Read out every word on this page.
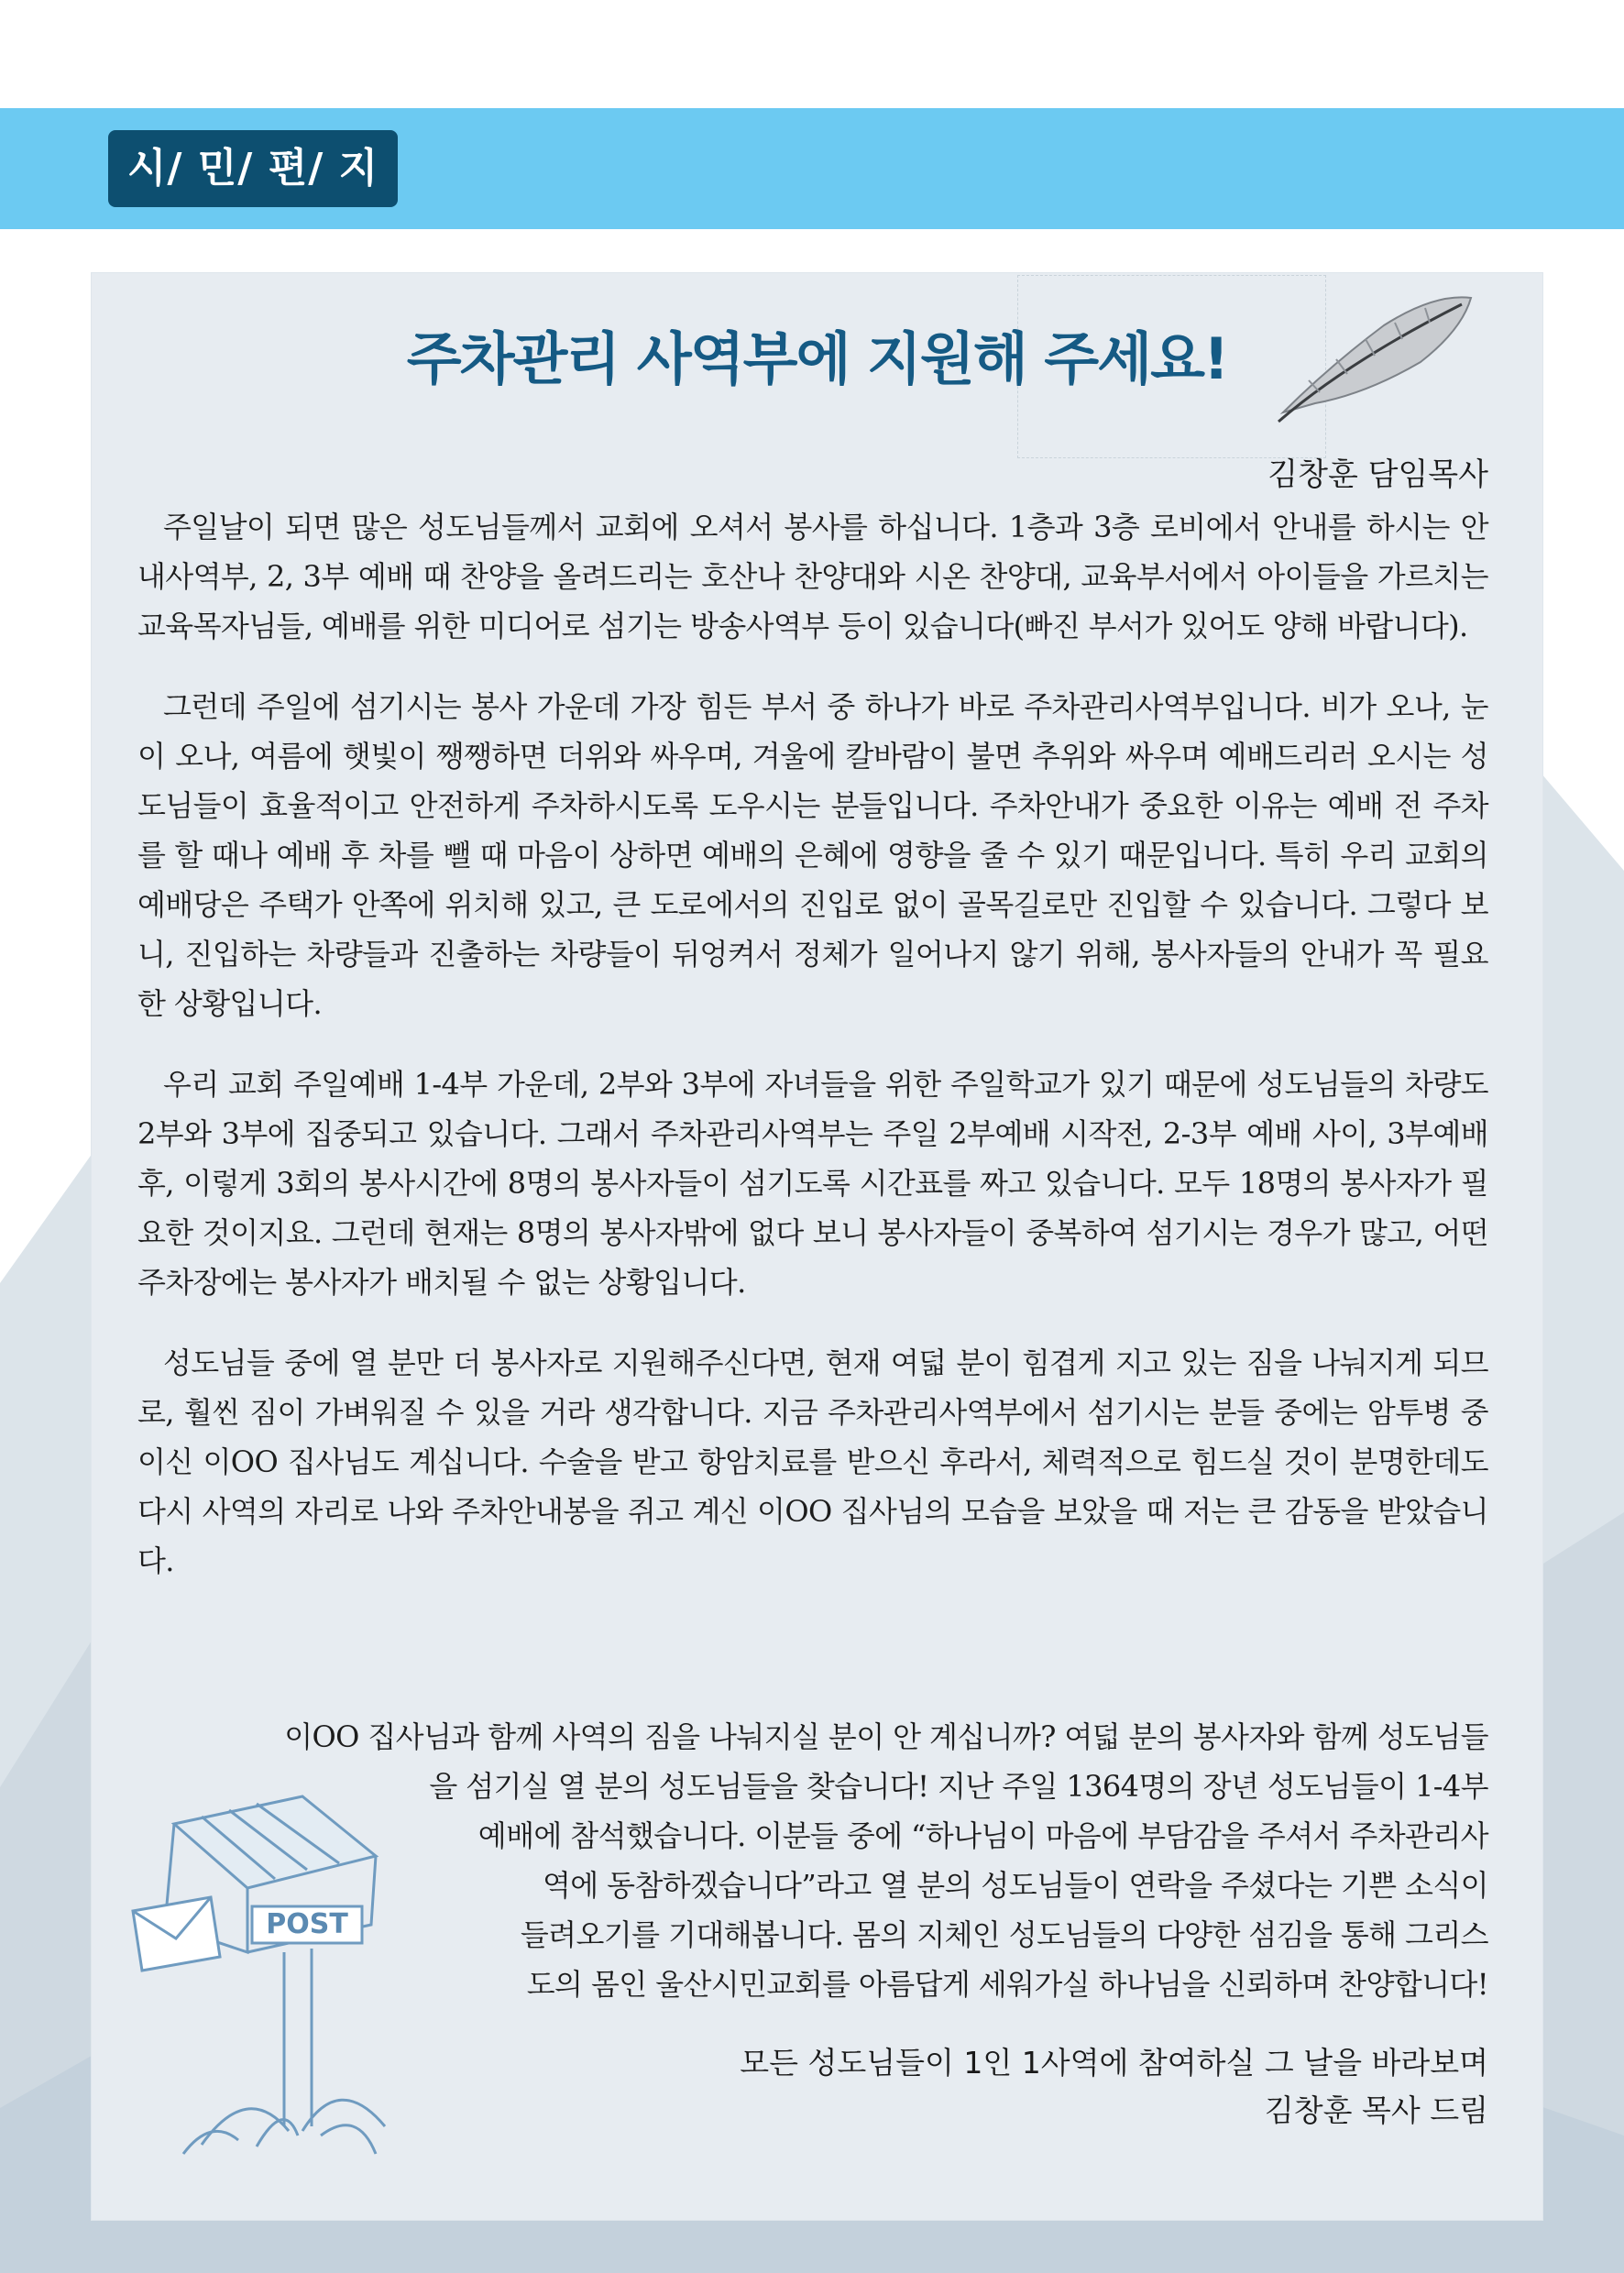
시/ 민/ 편/ 지
주차관리 사역부에 지원해 주세요!
김창훈 담임목사

주일날이 되면 많은 성도님들께서 교회에 오셔서 봉사를 하십니다. 1층과 3층 로비에서 안내를 하시는 안내사역부, 2, 3부 예배 때 찬양을 올려드리는 호산나 찬양대와 시온 찬양대, 교육부서에서 아이들을 가르치는 교육목자님들, 예배를 위한 미디어로 섬기는 방송사역부 등이 있습니다(빠진 부서가 있어도 양해 바랍니다).

그런데 주일에 섬기시는 봉사 가운데 가장 힘든 부서 중 하나가 바로 주차관리사역부입니다. 비가 오나, 눈이 오나, 여름에 햇빛이 쨍쨍하면 더위와 싸우며, 겨울에 칼바람이 불면 추위와 싸우며 예배드리러 오시는 성도님들이 효율적이고 안전하게 주차하시도록 도우시는 분들입니다. 주차안내가 중요한 이유는 예배 전 주차를 할 때나 예배 후 차를 뺄 때 마음이 상하면 예배의 은혜에 영향을 줄 수 있기 때문입니다. 특히 우리 교회의 예배당은 주택가 안쪽에 위치해 있고, 큰 도로에서의 진입로 없이 골목길로만 진입할 수 있습니다. 그렇다 보니, 진입하는 차량들과 진출하는 차량들이 뒤엉켜서 정체가 일어나지 않기 위해, 봉사자들의 안내가 꼭 필요한 상황입니다.

우리 교회 주일예배 1-4부 가운데, 2부와 3부에 자녀들을 위한 주일학교가 있기 때문에 성도님들의 차량도 2부와 3부에 집중되고 있습니다. 그래서 주차관리사역부는 주일 2부예배 시작전, 2-3부 예배 사이, 3부예배 후, 이렇게 3회의 봉사시간에 8명의 봉사자들이 섬기도록 시간표를 짜고 있습니다. 모두 18명의 봉사자가 필요한 것이지요. 그런데 현재는 8명의 봉사자밖에 없다 보니 봉사자들이 중복하여 섬기시는 경우가 많고, 어떤 주차장에는 봉사자가 배치될 수 없는 상황입니다.

성도님들 중에 열 분만 더 봉사자로 지원해주신다면, 현재 여덟 분이 힘겹게 지고 있는 짐을 나눠지게 되므로, 훨씬 짐이 가벼워질 수 있을 거라 생각합니다. 지금 주차관리사역부에서 섬기시는 분들 중에는 암투병 중이신 이OO 집사님도 계십니다. 수술을 받고 항암치료를 받으신 후라서, 체력적으로 힘드실 것이 분명한데도 다시 사역의 자리로 나와 주차안내봉을 쥐고 계신 이OO 집사님의 모습을 보았을 때 저는 큰 감동을 받았습니다.

이OO 집사님과 함께 사역의 짐을 나눠지실 분이 안 계십니까? 여덟 분의 봉사자와 함께 성도님들
을 섬기실 열 분의 성도님들을 찾습니다! 지난 주일 1364명의 장년 성도님들이 1-4부
예배에 참석했습니다. 이분들 중에 “하나님이 마음에 부담감을 주셔서 주차관리사
역에 동참하겠습니다”라고 열 분의 성도님들이 연락을 주셨다는 기쁜 소식이
들려오기를 기대해봅니다. 몸의 지체인 성도님들의 다양한 섬김을 통해 그리스
도의 몸인 울산시민교회를 아름답게 세워가실 하나님을 신뢰하며 찬양합니다!
POST
모든 성도님들이 1인 1사역에 참여하실 그 날을 바라보며
김창훈 목사 드림
